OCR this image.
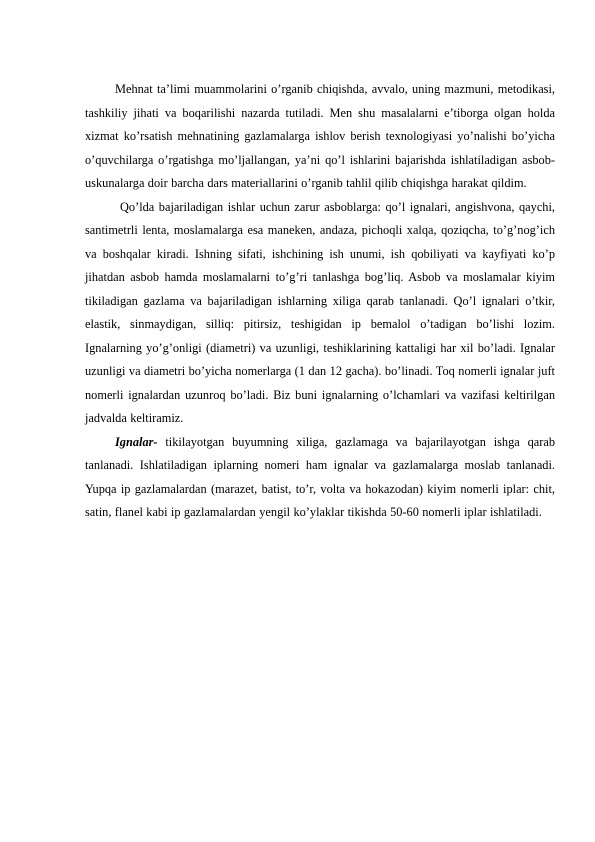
Mehnat ta’limi muammolarini o’rganib chiqishda, avvalo, uning mazmuni, metodikasi, tashkiliy jihati va boqarilishi nazarda tutiladi. Men shu masalalarni e’tiborga olgan holda xizmat ko’rsatish mehnatining gazlamalarga ishlov berish texnologiyasi yo’nalishi bo’yicha o’quvchilarga o’rgatishga mo’ljallangan, ya’ni qo’l ishlarini bajarishda ishlatiladigan asbob-uskunalarga doir barcha dars materiallarini o’rganib tahlil qilib chiqishga harakat qildim.

Qo’lda bajariladigan ishlar uchun zarur asboblarga: qo’l ignalari, angishvona, qaychi, santimetrli lenta, moslamalarga esa maneken, andaza, pichoqli xalqa, qoziqcha, to’g’nog’ich va boshqalar kiradi. Ishning sifati, ishchining ish unumi, ish qobiliyati va kayfiyati ko’p jihatdan asbob hamda moslamalarni to’g’ri tanlashga bog’liq. Asbob va moslamalar kiyim tikiladigan gazlama va bajariladigan ishlarning xiliga qarab tanlanadi. Qo’l ignalari o’tkir, elastik, sinmaydigan, silliq: pitirsiz, teshigidan ip bemalol o’tadigan bo’lishi lozim. Ignalarning yo’g’onligi (diametri) va uzunligi, teshiklarining kattaligi har xil bo’ladi. Ignalar uzunligi va diametri bo’yicha nomerlarga (1 dan 12 gacha). bo’linadi. Toq nomerli ignalar juft nomerli ignalardan uzunroq bo’ladi. Biz buni ignalarning o’lchamlari va vazifasi keltirilgan jadvalda keltiramiz.

Ignalar- tikilayotgan buyumning xiliga, gazlamaga va bajarilayotgan ishga qarab tanlanadi. Ishlatiladigan iplarning nomeri ham ignalar va gazlamalarga moslab tanlanadi. Yupqa ip gazlamalardan (marazet, batist, to’r, volta va hokazodan) kiyim nomerli iplar: chit, satin, flanel kabi ip gazlamalardan yengil ko’ylaklar tikishda 50-60 nomerli iplar ishlatiladi.
